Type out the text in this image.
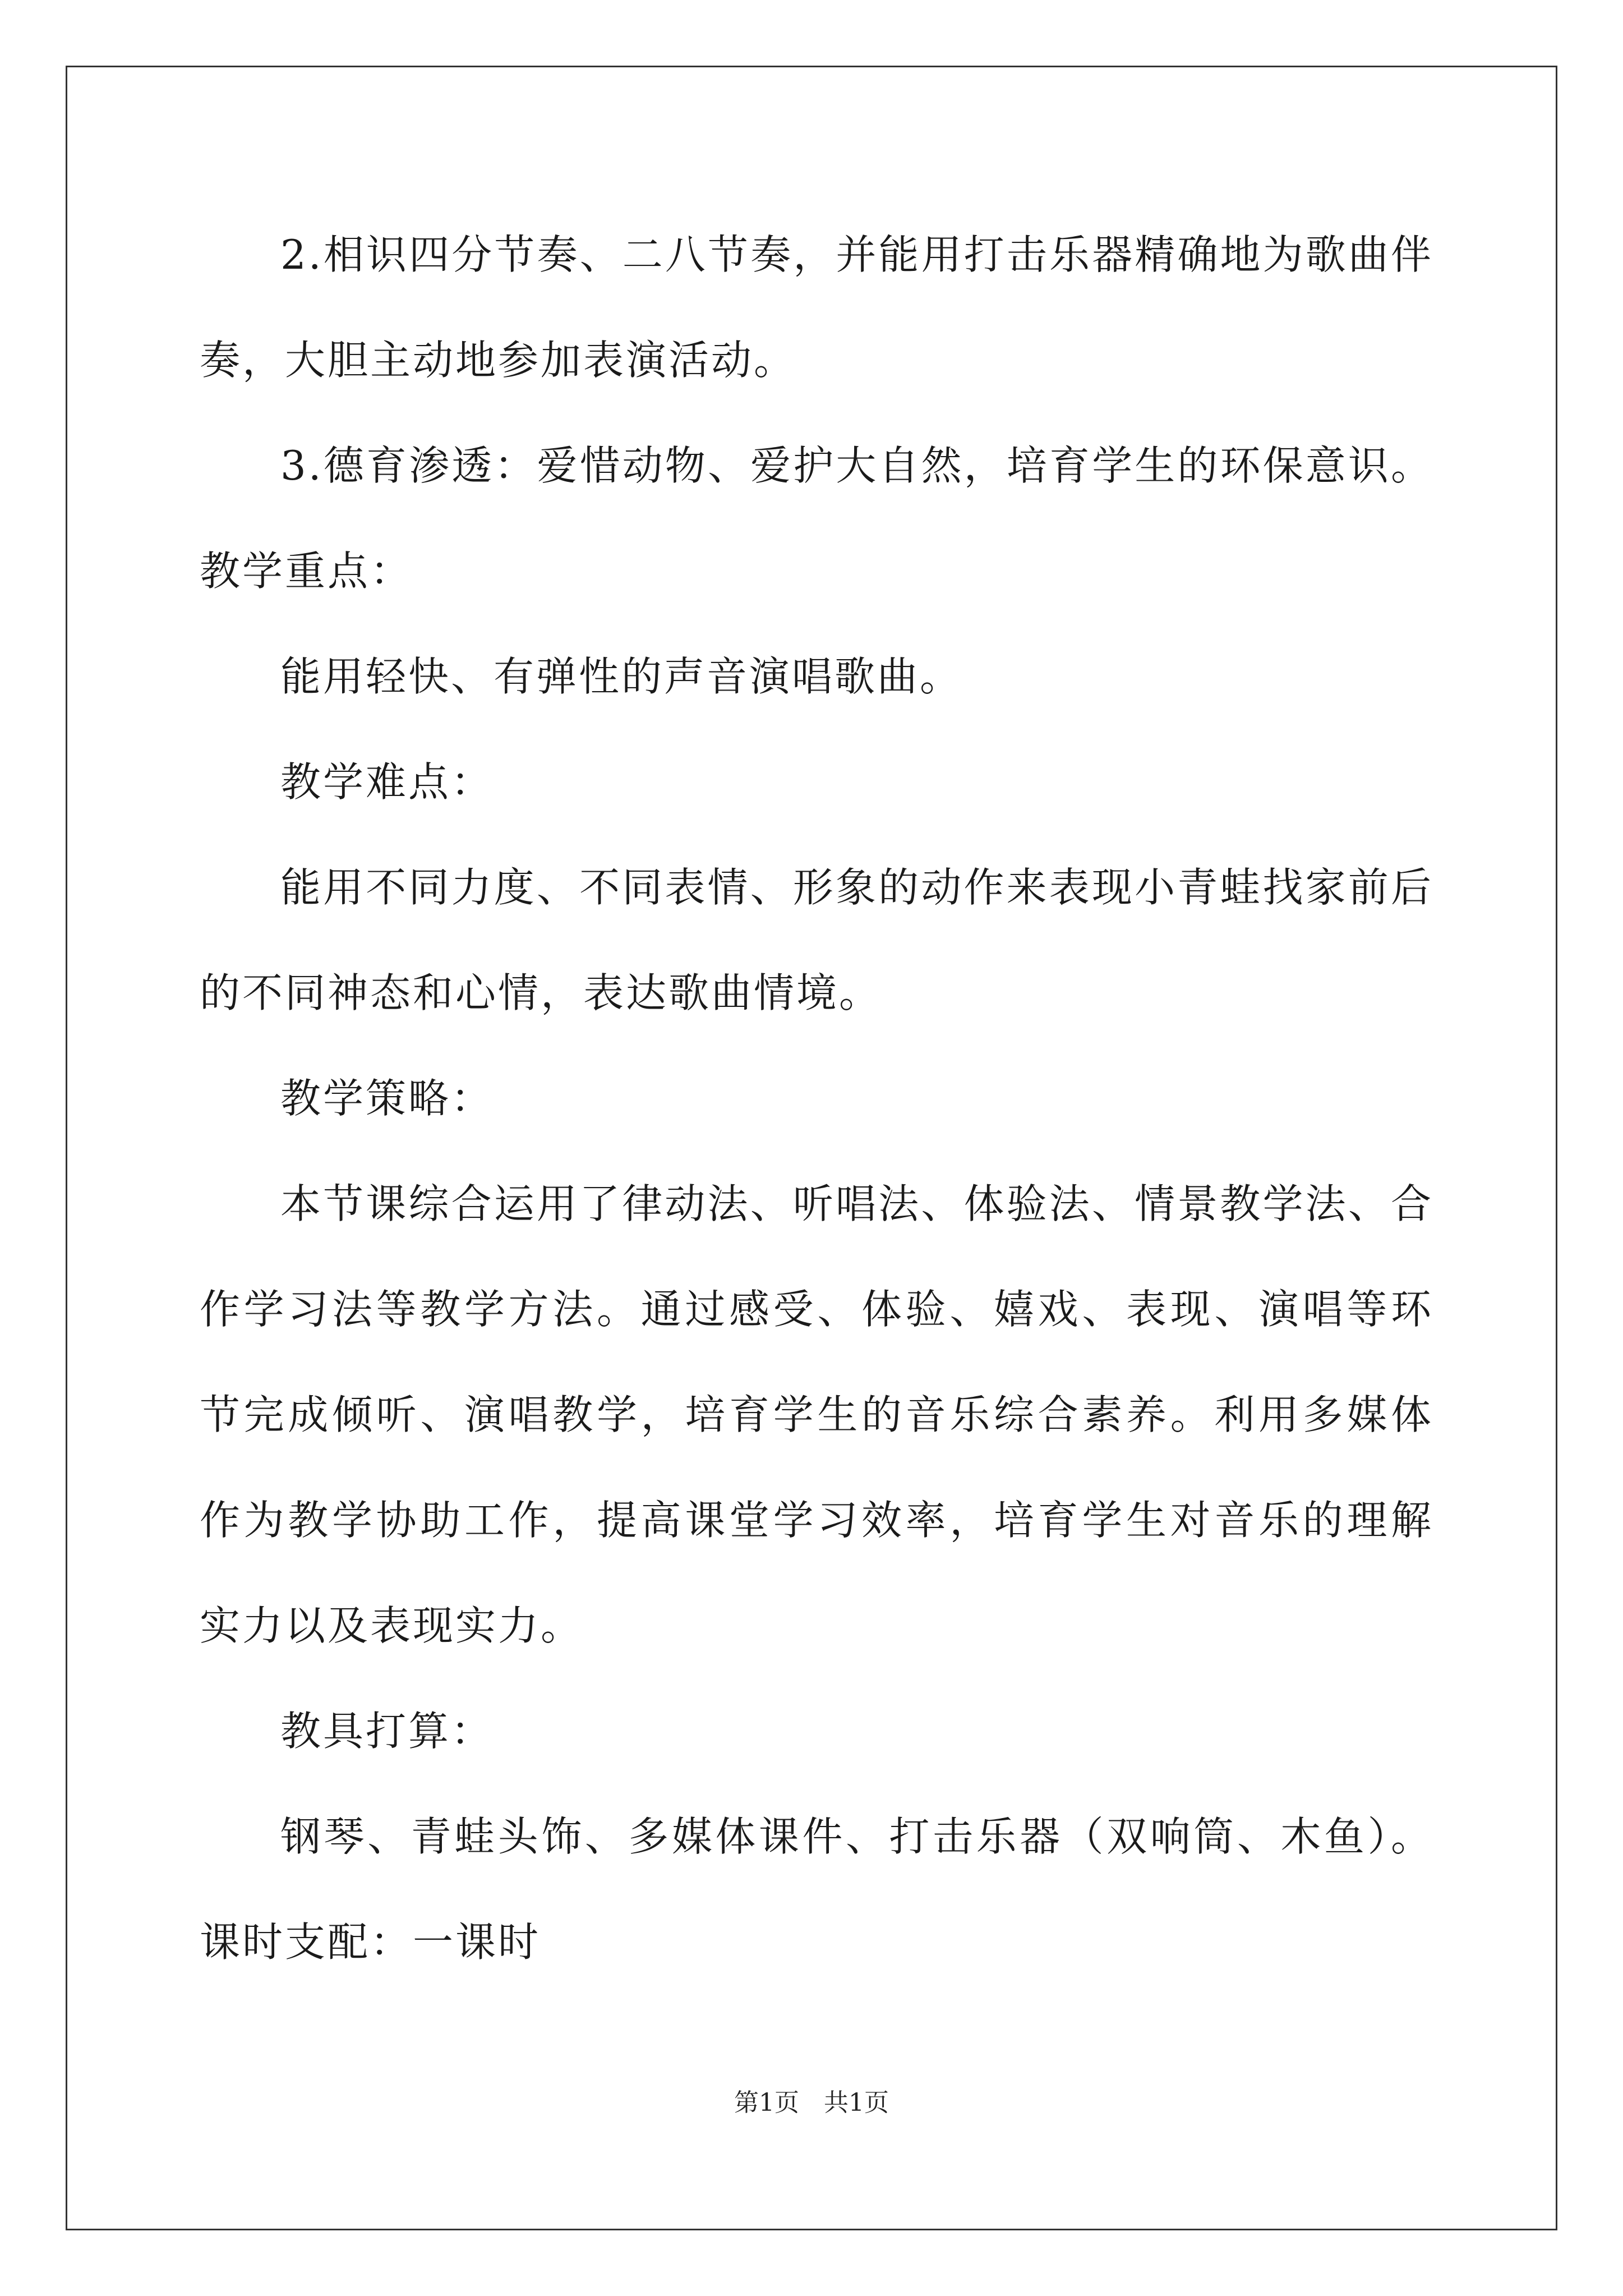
2.相识四分节奏、二八节奏，并能用打击乐器精确地为歌曲伴奏，大胆主动地参加表演活动。

3.德育渗透：爱惜动物、爱护大自然，培育学生的环保意识。 教学重点：

能用轻快、有弹性的声音演唱歌曲。

教学难点：

能用不同力度、不同表情、形象的动作来表现小青蛙找家前后的不同神态和心情，表达歌曲情境。

教学策略：

本节课综合运用了律动法、听唱法、体验法、情景教学法、合作学习法等教学方法。通过感受、体验、嬉戏、表现、演唱等环节完成倾听、演唱教学，培育学生的音乐综合素养。利用多媒体作为教学协助工作，提高课堂学习效率，培育学生对音乐的理解实力以及表现实力。

教具打算：

钢琴、青蛙头饰、多媒体课件、打击乐器（双响筒、木鱼）。 课时支配：一课时

第1页　共1页
